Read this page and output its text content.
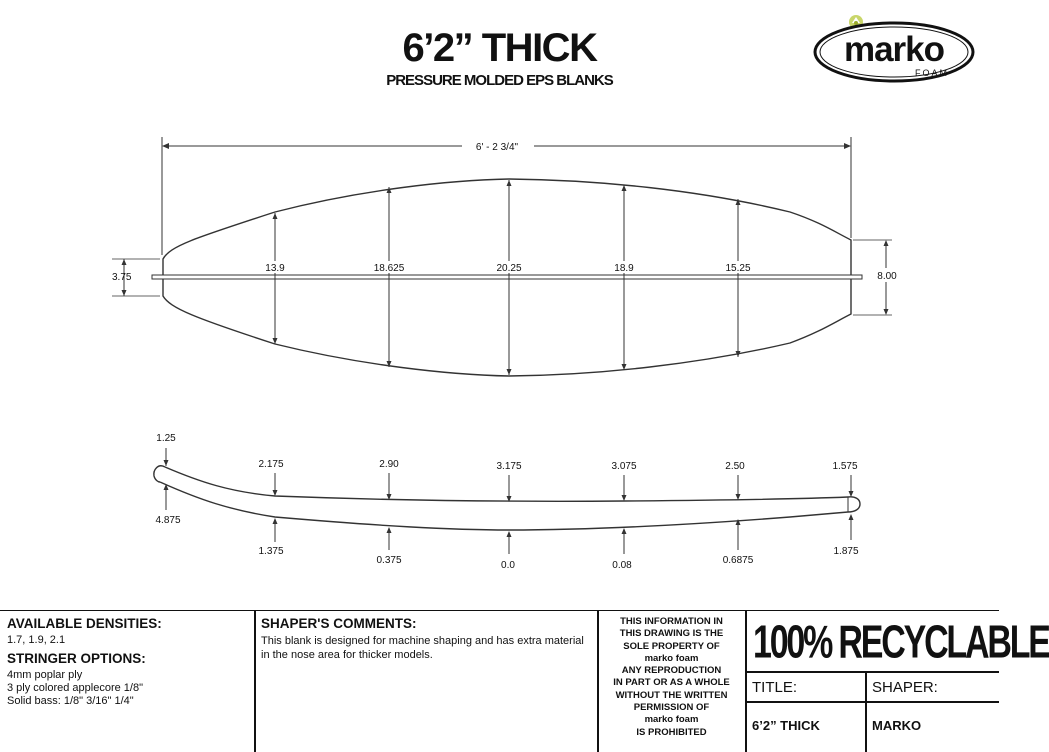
6’2” THICK
PRESSURE MOLDED EPS BLANKS
marko
FOAM
6' - 2 3/4"
3.75	8.00
13.9	18.625	20.25	18.9	15.25
1.25
4.875
2.175	2.90	3.175	3.075	2.50	1.575
1.375
0.375	0.0	0.08	0.6875
1.875
AVAILABLE DENSITIES:
1.7, 1.9, 2.1
STRINGER OPTIONS:
4mm poplar ply
3 ply colored applecore 1/8"
Solid bass: 1/8" 3/16" 1/4"
SHAPER'S COMMENTS:
This blank is designed for machine shaping and has extra material in the nose area for thicker models.
THIS INFORMATION IN
THIS DRAWING IS THE
SOLE PROPERTY OF
marko foam
ANY REPRODUCTION
IN PART OR AS A WHOLE
WITHOUT THE WRITTEN
PERMISSION OF
marko foam
IS PROHIBITED
100% RECYCLABLE
TITLE:	SHAPER:
6’2” THICK	MARKO
